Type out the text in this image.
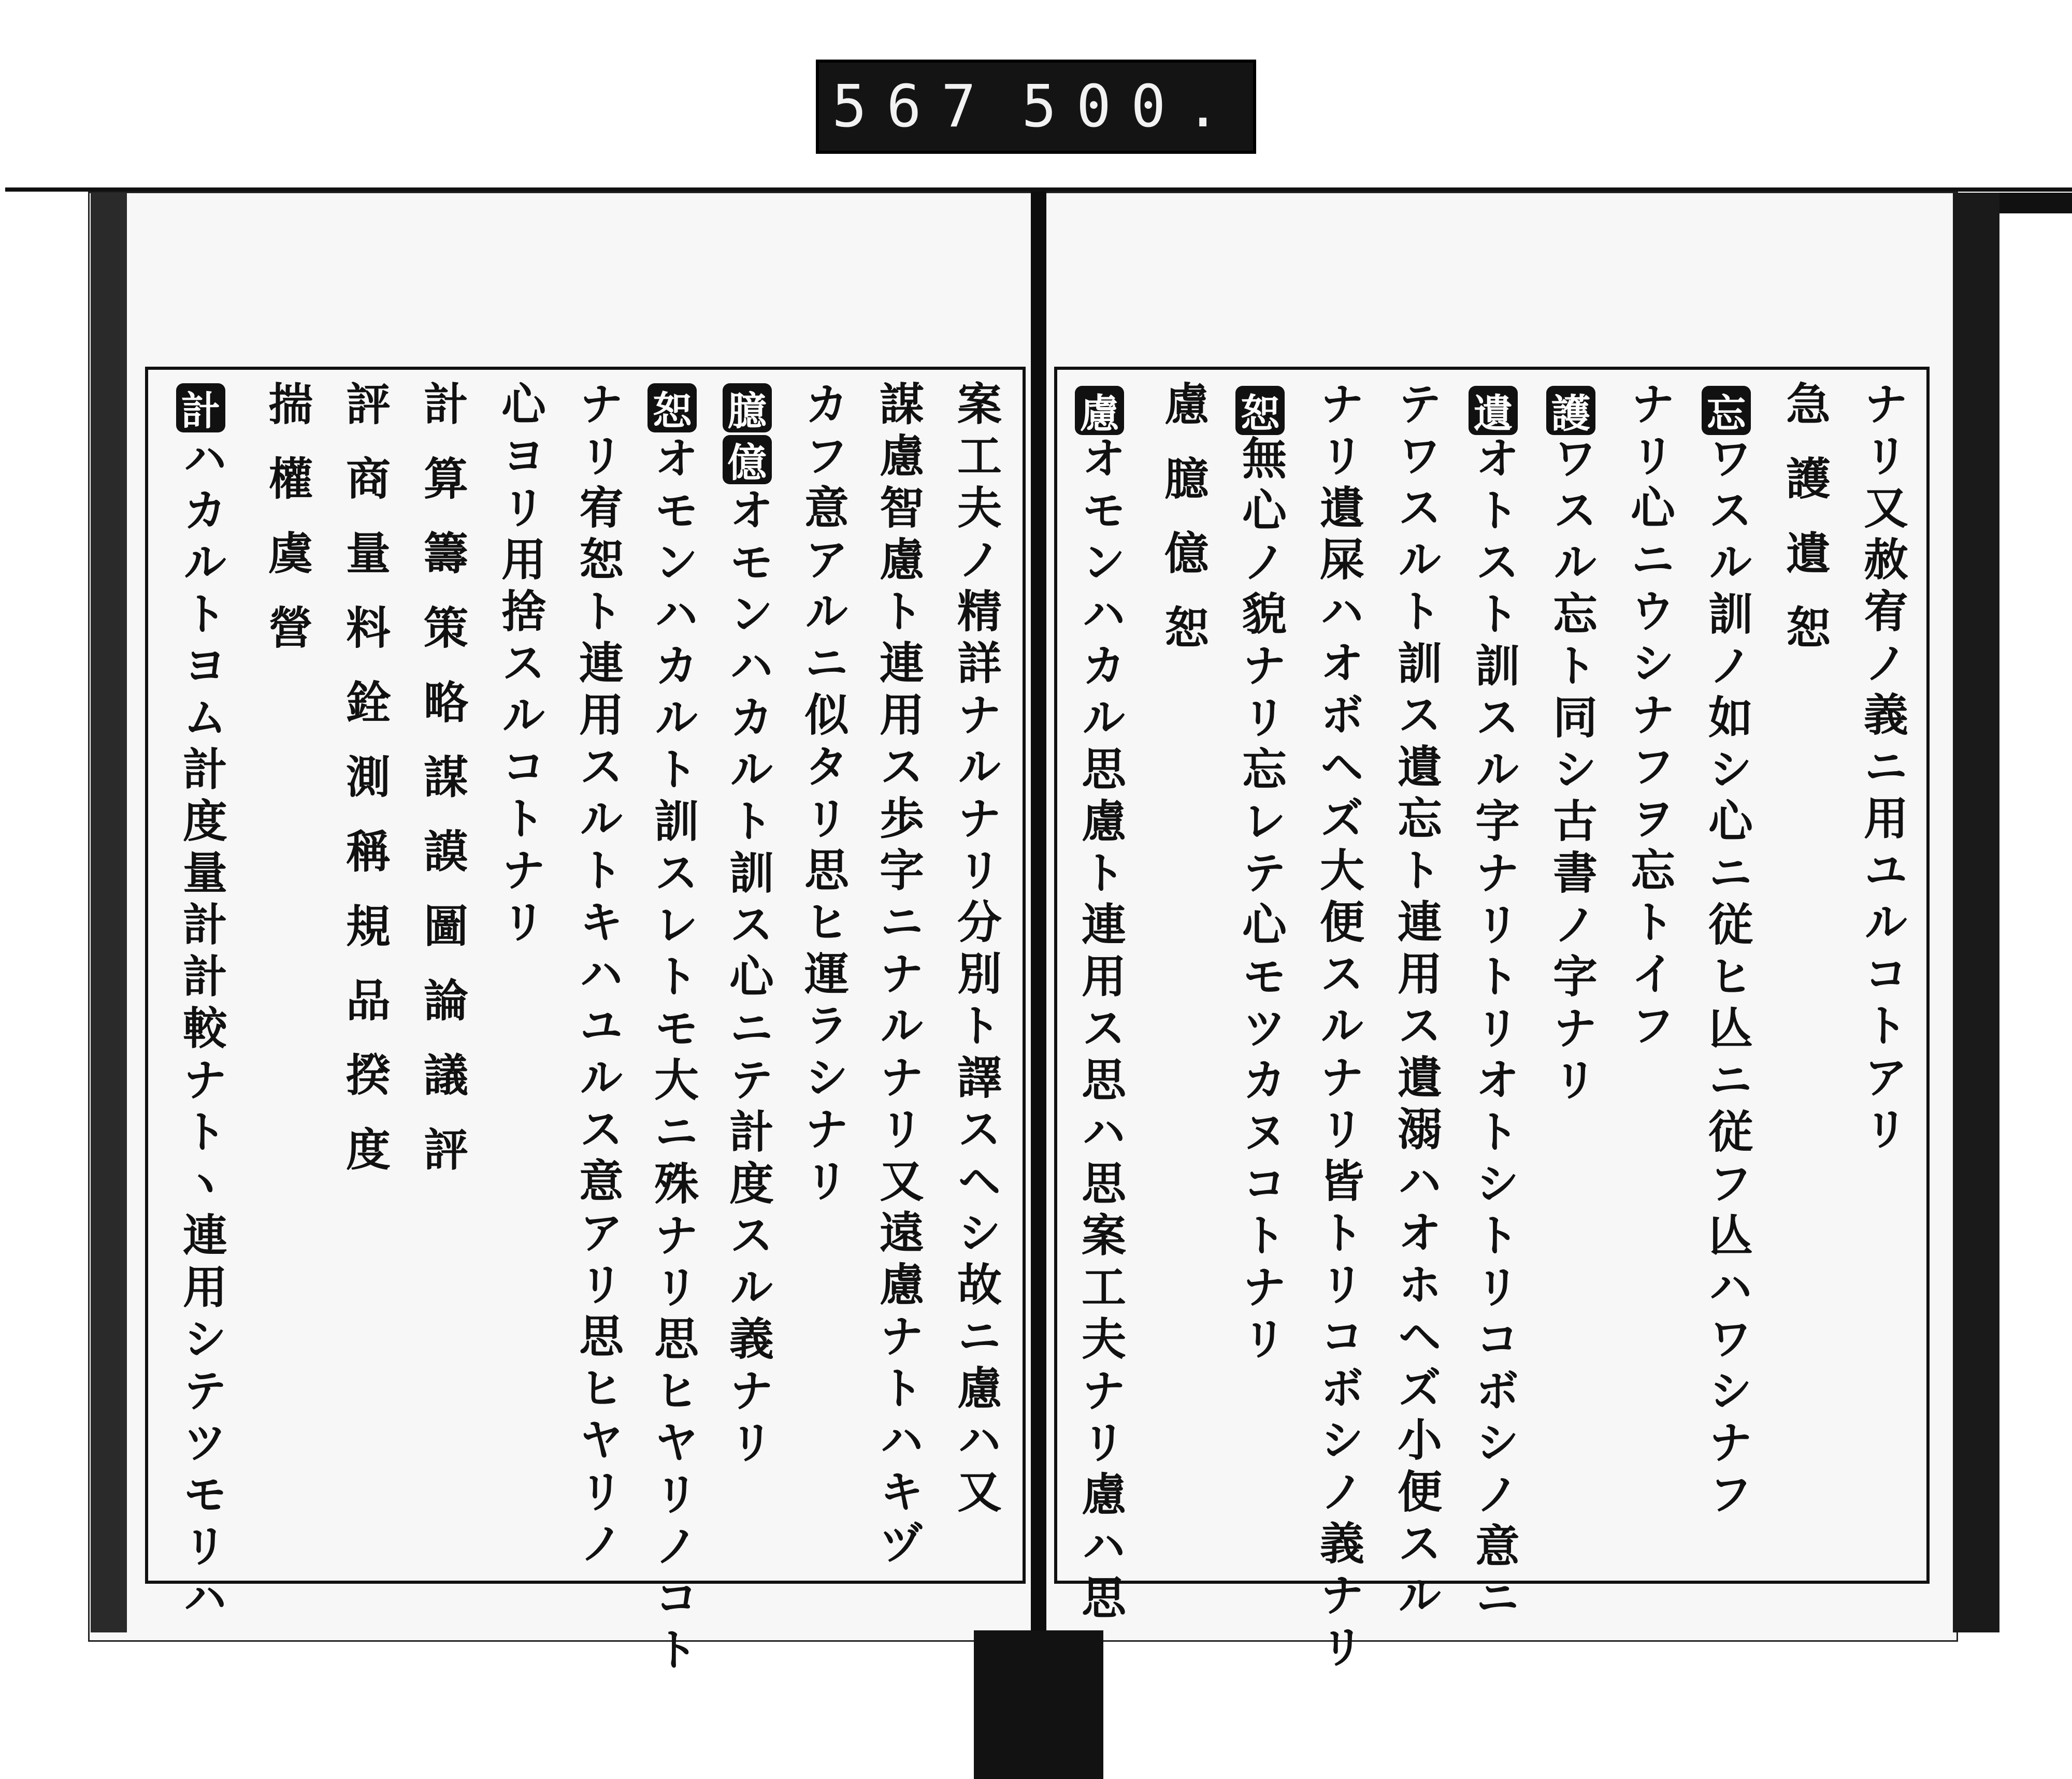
567 500.
ナリ又赦宥ノ義ニ用ユルコトアリ
急 護 遺 恕
ワスル訓ノ如シ心ニ従ヒ亾ニ従フ亾ハワシナフ
ナリ心ニウシナフヲ忘トイフ
ワスル忘ト同シ古書ノ字ナリ
オトスト訓スル字ナリトリオトシトリコボシノ意ニ
テワスルト訓ス遺忘ト連用ス遺溺ハオホヘズ小便スル
ナリ遺屎ハオボヘズ大便スルナリ皆トリコボシノ義ナリ
無心ノ貌ナリ忘レテ心モツカヌコトナリ
慮 臆 億 恕
オモンハカル思慮ト連用ス思ハ思案工夫ナリ慮ハ思
忘
護
遺
恕
慮
案工夫ノ精詳ナルナリ分別ト譯スヘシ故ニ慮ハ又
謀慮智慮ト連用ス歩字ニナルナリ又遠慮ナトハキヅ
カフ意アルニ似タリ思ヒ運ラシナリ
オモンハカルト訓ス心ニテ計度スル義ナリ
オモンハカルト訓スレトモ大ニ殊ナリ思ヒヤリノコト
ナリ宥恕ト連用スルトキハユルス意アリ思ヒヤリノ
心ヨリ用捨スルコトナリ
計 算 籌 策 略 謀 謨 圖 論 議 評
評 商 量 料 銓 測 稱 規 品 揆 度
揣 權 虞 營
ハカルトヨム計度量計計較ナトヽ連用シテツモリハ
臆
億
恕
計
